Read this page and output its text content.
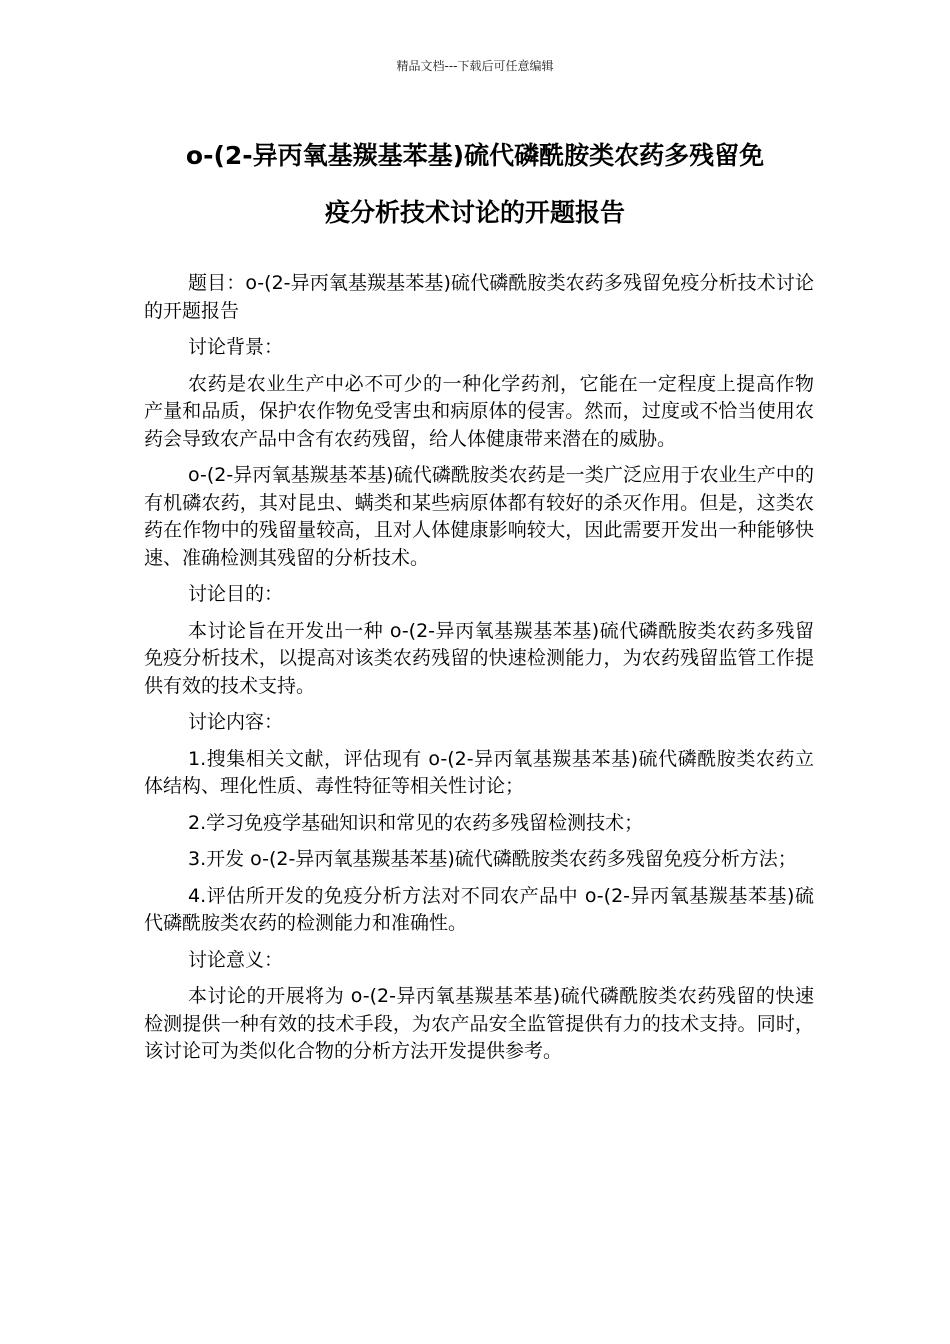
精品文档---下载后可任意编辑
o-(2-异丙氧基羰基苯基)硫代磷酰胺类农药多残留免
疫分析技术讨论的开题报告

题目：o-(2-异丙氧基羰基苯基)硫代磷酰胺类农药多残留免疫分析技术讨论的开题报告

讨论背景：

农药是农业生产中必不可少的一种化学药剂，它能在一定程度上提高作物产量和品质，保护农作物免受害虫和病原体的侵害。然而，过度或不恰当使用农药会导致农产品中含有农药残留，给人体健康带来潜在的威胁。

o-(2-异丙氧基羰基苯基)硫代磷酰胺类农药是一类广泛应用于农业生产中的有机磷农药，其对昆虫、螨类和某些病原体都有较好的杀灭作用。但是，这类农药在作物中的残留量较高，且对人体健康影响较大，因此需要开发出一种能够快速、准确检测其残留的分析技术。

讨论目的：

本讨论旨在开发出一种 o-(2-异丙氧基羰基苯基)硫代磷酰胺类农药多残留免疫分析技术，以提高对该类农药残留的快速检测能力，为农药残留监管工作提供有效的技术支持。

讨论内容：

1.搜集相关文献，评估现有 o-(2-异丙氧基羰基苯基)硫代磷酰胺类农药立体结构、理化性质、毒性特征等相关性讨论；

2.学习免疫学基础知识和常见的农药多残留检测技术；

3.开发 o-(2-异丙氧基羰基苯基)硫代磷酰胺类农药多残留免疫分析方法；

4.评估所开发的免疫分析方法对不同农产品中 o-(2-异丙氧基羰基苯基)硫代磷酰胺类农药的检测能力和准确性。

讨论意义：

本讨论的开展将为 o-(2-异丙氧基羰基苯基)硫代磷酰胺类农药残留的快速检测提供一种有效的技术手段，为农产品安全监管提供有力的技术支持。同时，该讨论可为类似化合物的分析方法开发提供参考。
